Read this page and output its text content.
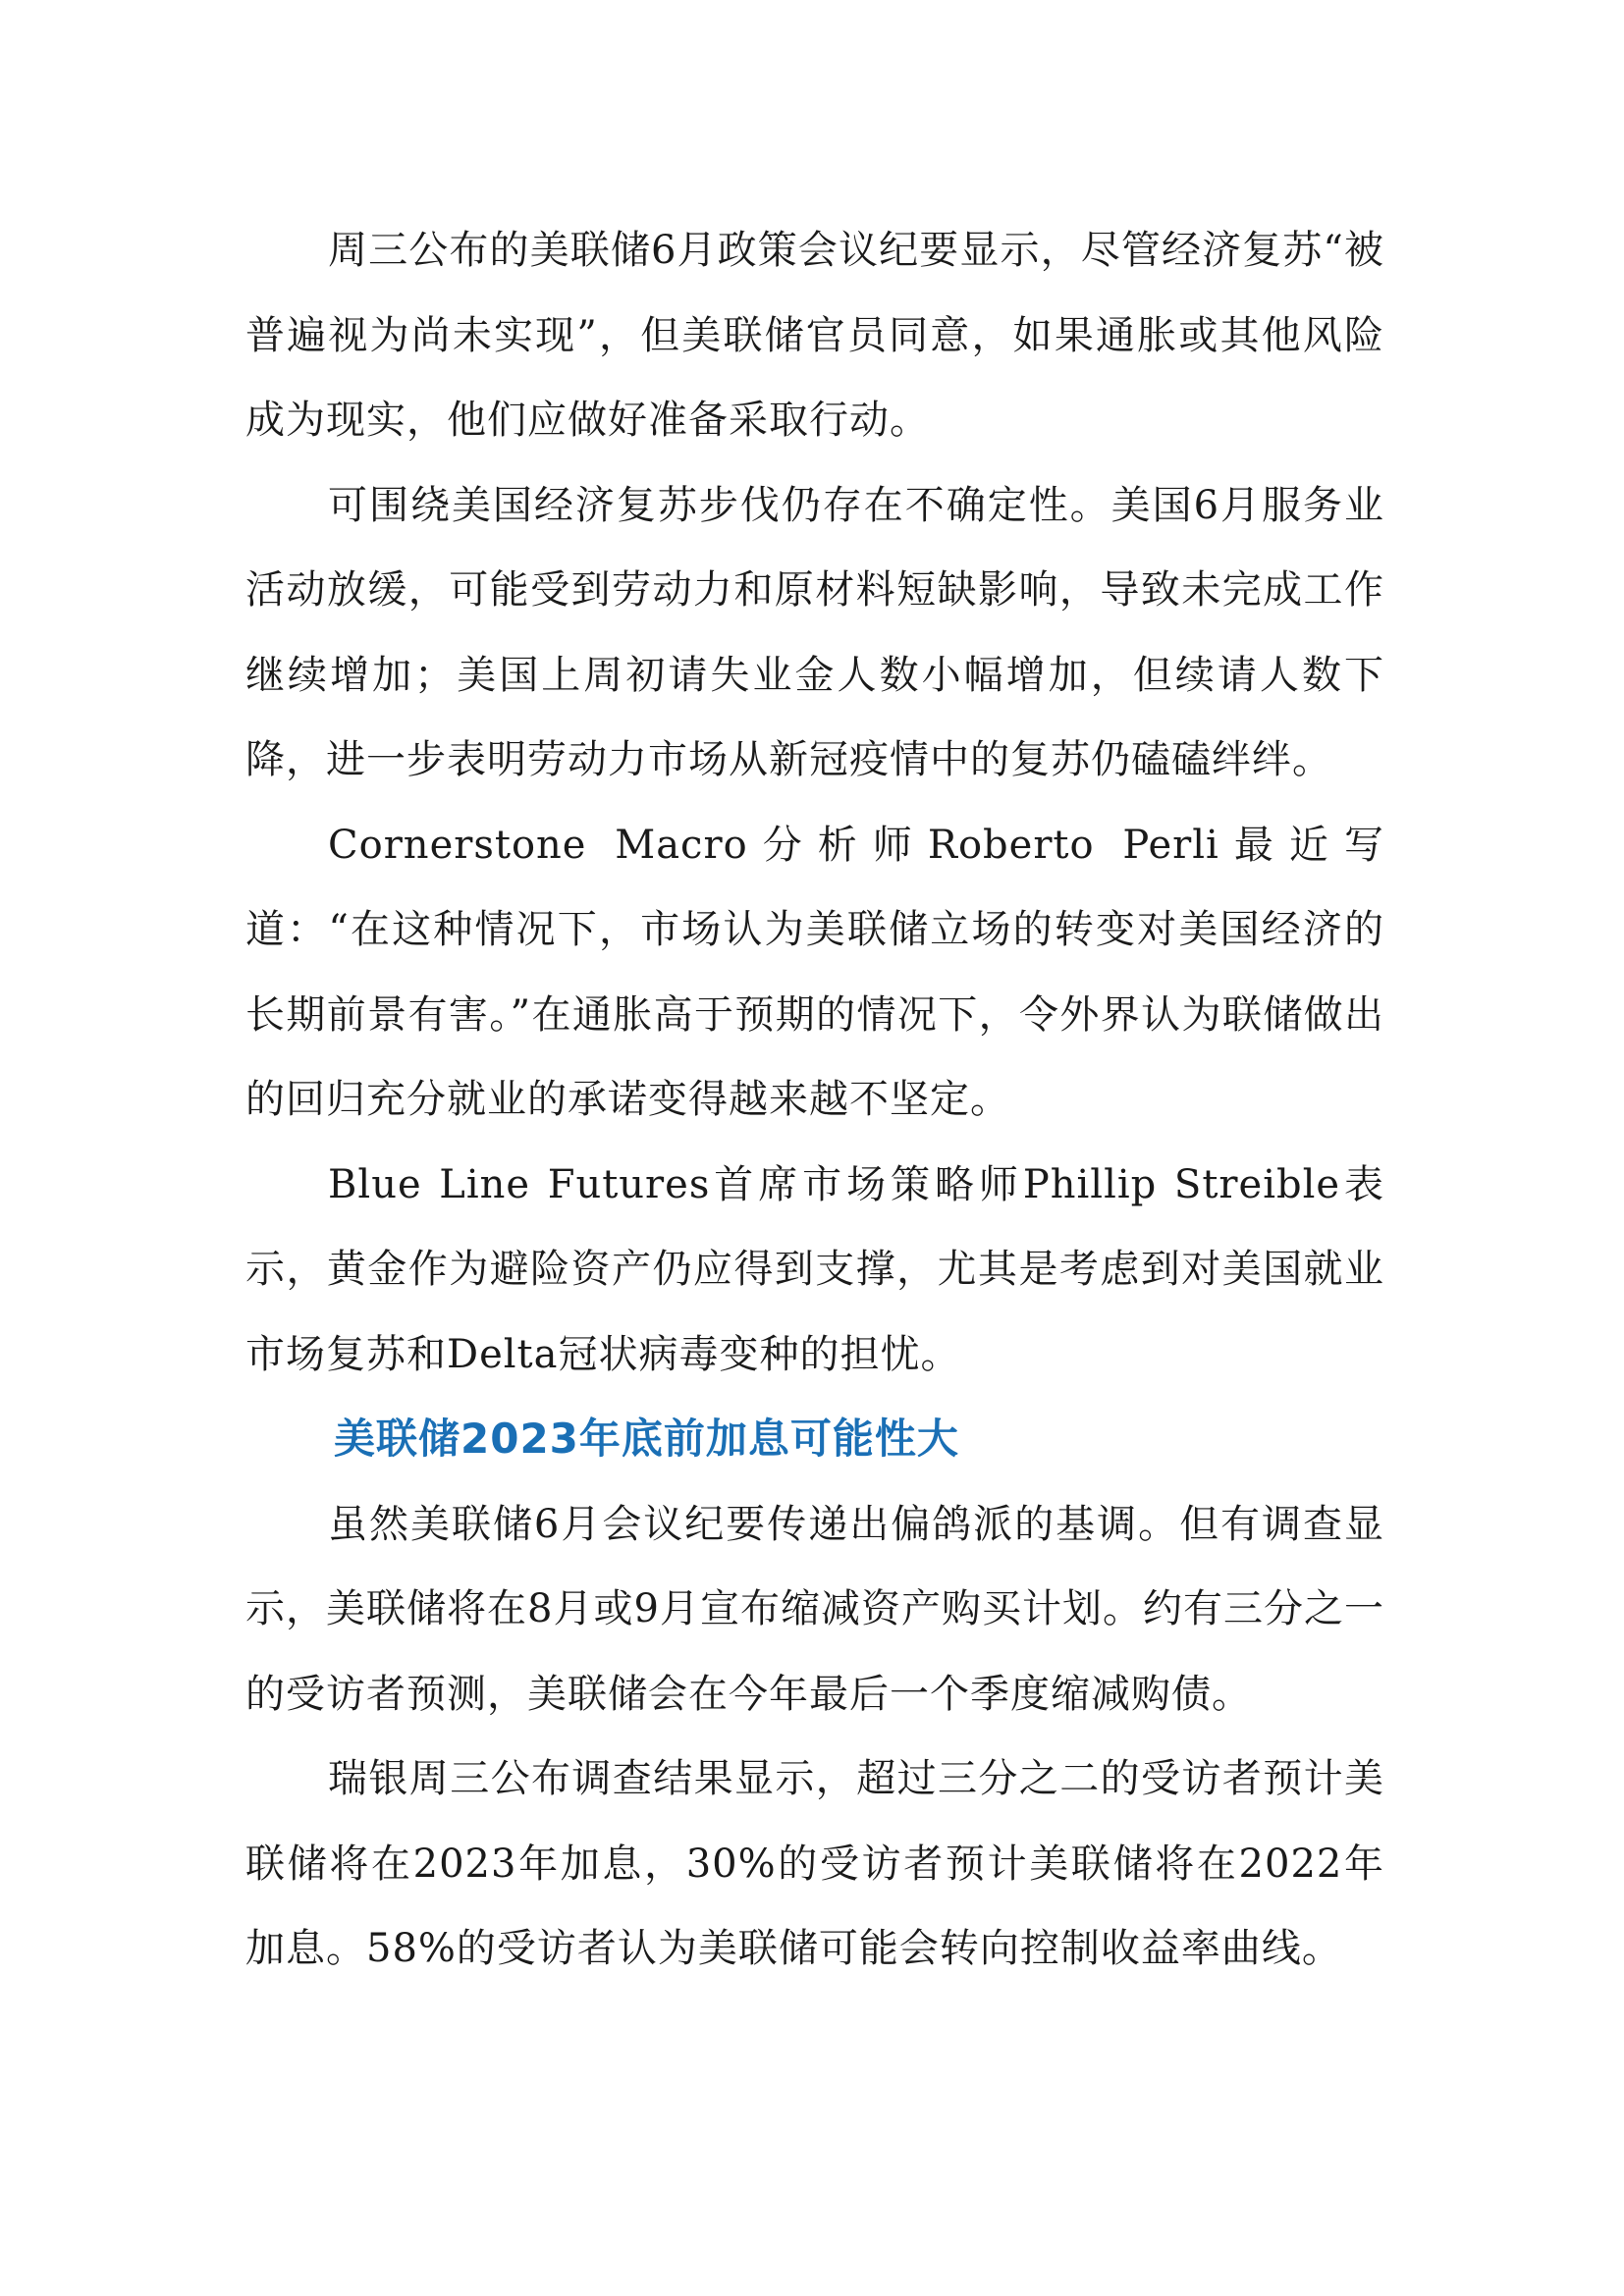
周三公布的美联储6月政策会议纪要显示，尽管经济复苏“被普遍视为尚未实现”，但美联储官员同意，如果通胀或其他风险成为现实，他们应做好准备采取行动。

可围绕美国经济复苏步伐仍存在不确定性。美国6月服务业活动放缓，可能受到劳动力和原材料短缺影响，导致未完成工作继续增加；美国上周初请失业金人数小幅增加，但续请人数下降，进一步表明劳动力市场从新冠疫情中的复苏仍磕磕绊绊。

Cornerstone Macro分析师Roberto Perli最近写道：“在这种情况下，市场认为美联储立场的转变对美国经济的长期前景有害。”在通胀高于预期的情况下，令外界认为联储做出的回归充分就业的承诺变得越来越不坚定。

Blue Line Futures首席市场策略师Phillip Streible表示，黄金作为避险资产仍应得到支撑，尤其是考虑到对美国就业市场复苏和Delta冠状病毒变种的担忧。

美联储2023年底前加息可能性大

虽然美联储6月会议纪要传递出偏鸽派的基调。但有调查显示，美联储将在8月或9月宣布缩减资产购买计划。约有三分之一的受访者预测，美联储会在今年最后一个季度缩减购债。

瑞银周三公布调查结果显示，超过三分之二的受访者预计美联储将在2023年加息，30%的受访者预计美联储将在2022年加息。58%的受访者认为美联储可能会转向控制收益率曲线。
